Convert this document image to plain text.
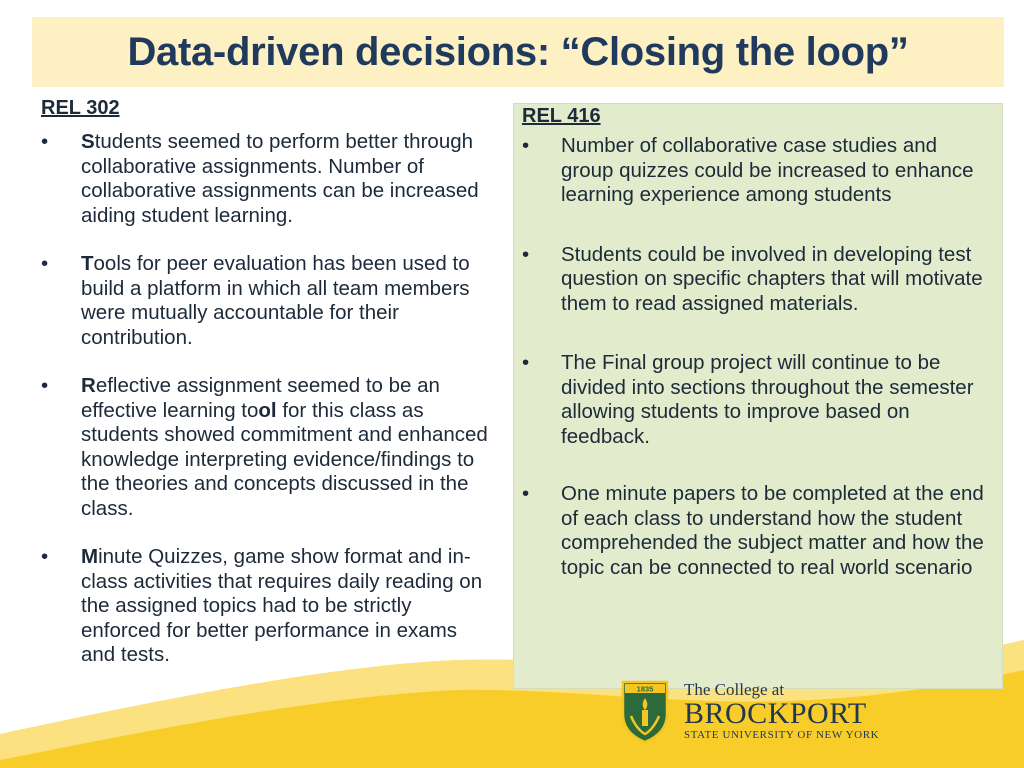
Data-driven decisions: “Closing the loop”
REL 302
• Students seemed to perform better through collaborative assignments. Number of collaborative assignments can be increased aiding student learning.
• Tools for peer evaluation has been used to build a platform in which all team members were mutually accountable for their contribution.
• Reflective assignment seemed to be an effective learning tool for this class as students showed commitment and enhanced knowledge interpreting evidence/findings to the theories and concepts discussed in the class.
• Minute Quizzes, game show format and in-class activities that requires daily reading on the assigned topics had to be strictly enforced for better performance in exams and tests.
REL 416
• Number of collaborative case studies and group quizzes could be increased to enhance learning experience among students
• Students could be involved in developing test question on specific chapters that will motivate them to read assigned materials.
• The Final group project will continue to be divided into sections throughout the semester allowing students to improve based on feedback.
• One minute papers to be completed at the end of each class to understand how the student comprehended the subject matter and how the topic can be connected to real world scenario
1835 The College at
BROCKPORT
STATE UNIVERSITY OF NEW YORK
